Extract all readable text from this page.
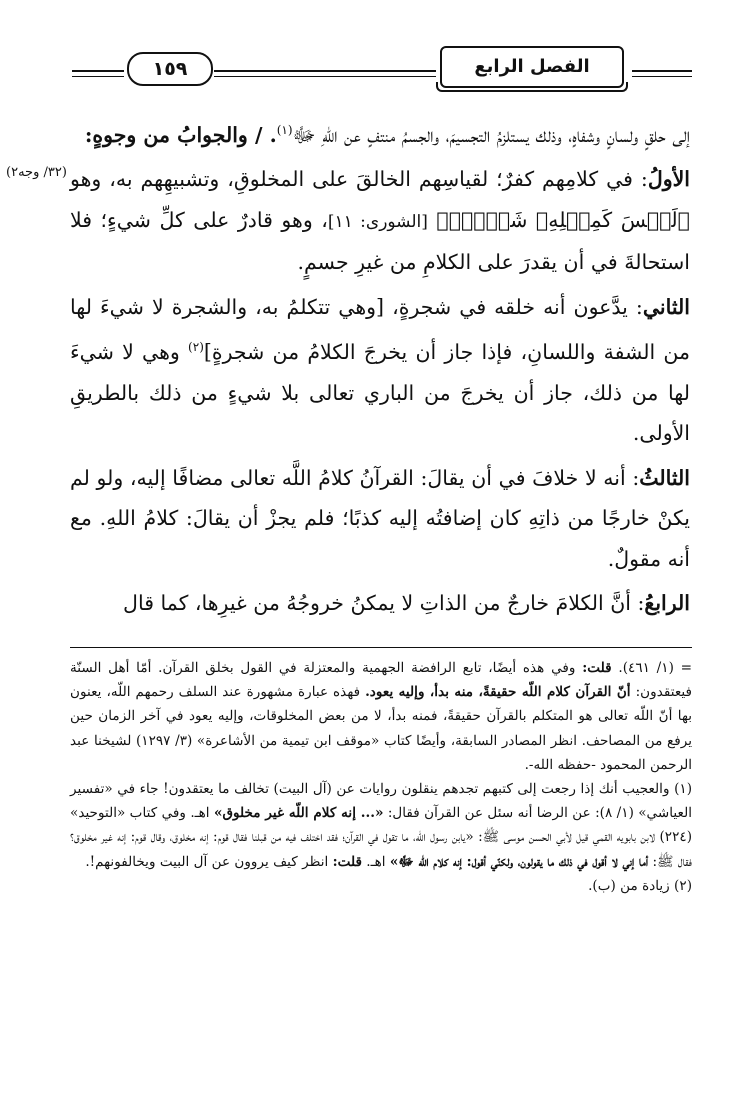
١٥٩	الفصل الرابع
(٣٢/ وجه٢)

إلى حلقٍ ولسانٍ وشفاهٍ، وذلك يستلزمُ التجسيمَ، والجسمُ منتفٍ عن اللهِ ﷻ$^{(١)}$. / والجوابُ من وجوهٍ:

الأولُ: في كلامِهم كفرٌ؛ لقياسِهم الخالقَ على المخلوقِ، وتشبيهِهم به، وهو ﴿لَيۡسَ كَمِثۡلِهِۦ شَيۡءٞۖ﴾ [الشورى: ١١]، وهو قادرٌ على كلِّ شيءٍ؛ فلا استحالةَ في أن يقدرَ على الكلامِ من غيرِ جسمٍ.

الثاني: يدَّعون أنه خلقه في شجرةٍ، [وهي تتكلمُ به، والشجرة لا شيءَ لها من الشفة واللسانِ، فإذا جاز أن يخرجَ الكلامُ من شجرةٍ]$^{(٢)}$ وهي لا شيءَ لها من ذلك، جاز أن يخرجَ من الباري تعالى بلا شيءٍ من ذلك بالطريقِ الأولى.

الثالثُ: أنه لا خلافَ في أن يقالَ: القرآنُ كلامُ اللَّه تعالى مضافًا إليه، ولو لم يكنْ خارجًا من ذاتِهِ كان إضافتُه إليه كذبًا؛ فلم يجزْ أن يقالَ: كلامُ اللهِ. مع أنه مقولٌ.

الرابعُ: أنَّ الكلامَ خارجٌ من الذاتِ لا يمكنُ خروجُهُ من غيرِها، كما قال

= (١/ ٤٦١). قلت: وفي هذه أيضًا، تابع الرافضة الجهمية والمعتزلة في القول بخلق القرآن. أمّا أهل السنّة فيعتقدون: أنّ القرآن كلام اللّه حقيقةً، منه بدأ، وإليه يعود. فهذه عبارة مشهورة عند السلف رحمهم اللّه، يعنون بها أنّ اللّه تعالى هو المتكلم بالقرآن حقيقةً، فمنه بدأ، لا من بعض المخلوقات، وإليه يعود في آخر الزمان حين يرفع من المصاحف. انظر المصادر السابقة، وأيضًا كتاب «موقف ابن تيمية من الأشاعرة» (٣/ ١٢٩٧) لشيخنا عبد الرحمن المحمود -حفظه الله-.

(١) والعجيب أنك إذا رجعت إلى كتبهم تجدهم ينقلون روايات عن (آل البيت) تخالف ما يعتقدون! جاء في «تفسير العياشي» (١/ ٨): عن الرضا أنه سئل عن القرآن فقال: «... إنه كلام اللّه غير مخلوق» اهـ. وفي كتاب «التوحيد» (٢٢٤) لابن بابويه القمي قيل لأبي الحسن موسى ﷺ: «يابن رسول اللّه، ما تقول في القرآن؛ فقد اختلف فيه من قبلنا فقال قوم: إنه مخلوق، وقال قوم: إنه غير مخلوق؟ فقال ﷺ: أما إني لا أقول في ذلك ما يقولون، ولكنّي أقول: إنه كلام اللّه ﷻ» اهـ. قلت: انظر كيف يروون عن آل البيت ويخالفونهم!.

(٢) زيادة من (ب).
